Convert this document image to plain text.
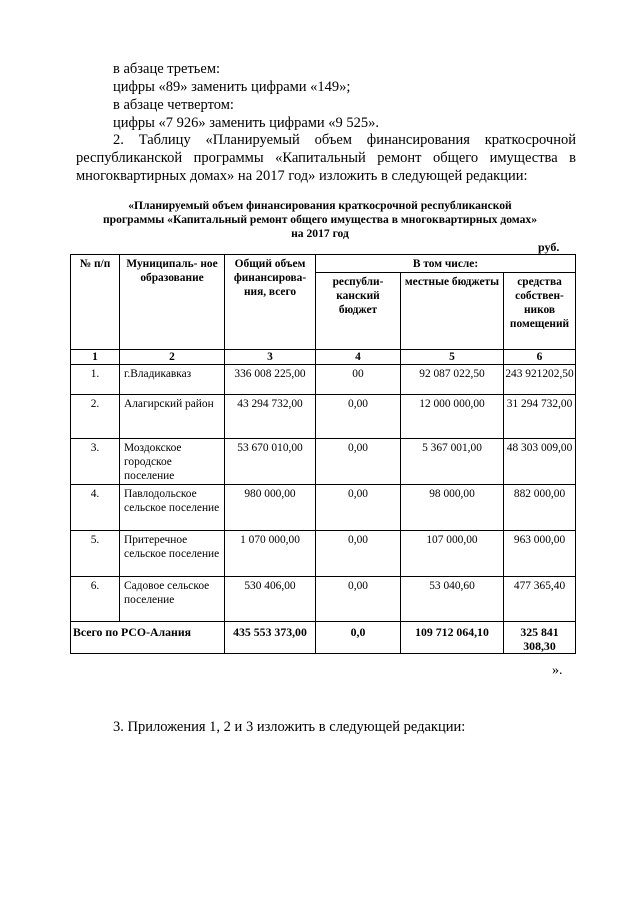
в абзаце третьем:
цифры «89» заменить цифрами «149»;
в абзаце четвертом:
цифры «7 926» заменить цифрами «9 525».
2. Таблицу «Планируемый объем финансирования краткосрочной
республиканской программы «Капитальный ремонт общего имущества в
многоквартирных домах» на 2017 год» изложить в следующей редакции:
«Планируемый объем финансирования краткосрочной республиканской
программы «Капитальный ремонт общего имущества в многоквартирных домах»
на 2017 год
руб.
№ п/п	Муниципаль- ное образование	Общий объем финансирова- ния, всего	В том числе:		
			республи- канский бюджет	местные бюджеты	средства собствен- ников помещений
1	2	3	4	5	6
1.	г.Владикавказ	336 008 225,00	00	92 087 022,50	243 921202,50
2.	Алагирский район	43 294 732,00	0,00	12 000 000,00	31 294 732,00
3.	Моздокское городское поселение	53 670 010,00	0,00	5 367 001,00	48 303 009,00
4.	Павлодольское сельское поселение	980 000,00	0,00	98 000,00	882 000,00
5.	Притеречное сельское поселение	1 070 000,00	0,00	107 000,00	963 000,00
6.	Садовое сельское поселение	530 406,00	0,00	53 040,60	477 365,40
Всего по РСО-Алания		435 553 373,00	0,0	109 712 064,10	325 841 308,30
».
3. Приложения 1, 2 и 3 изложить в следующей редакции:
